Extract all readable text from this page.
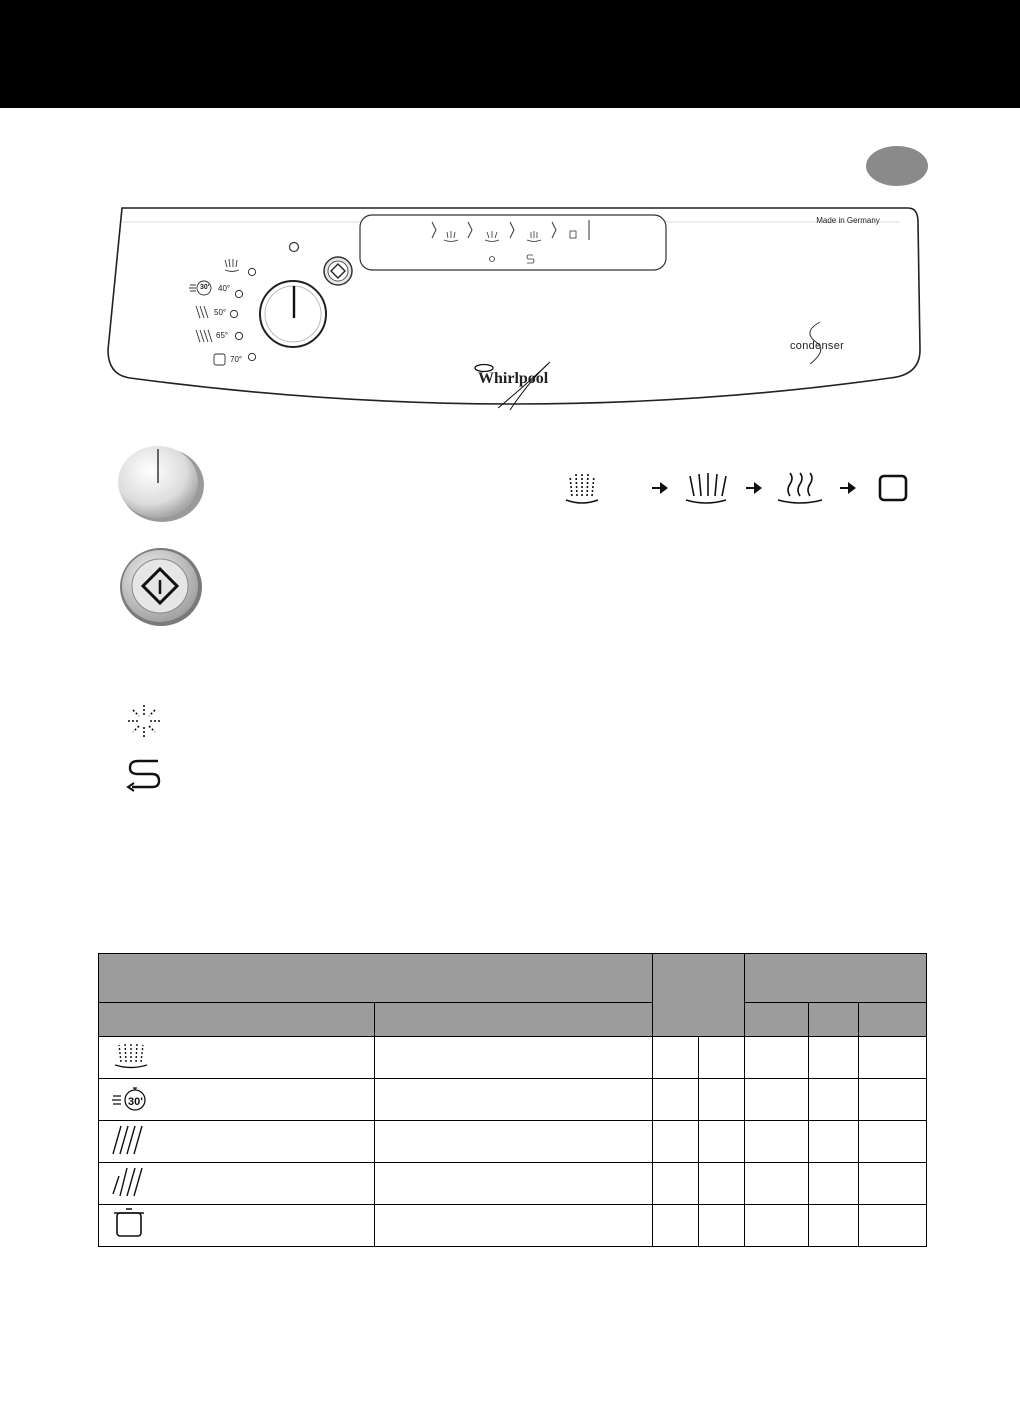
Made in Germany
30' 40°
50°
65°
70°
condenser
Whirlpool

30'						
